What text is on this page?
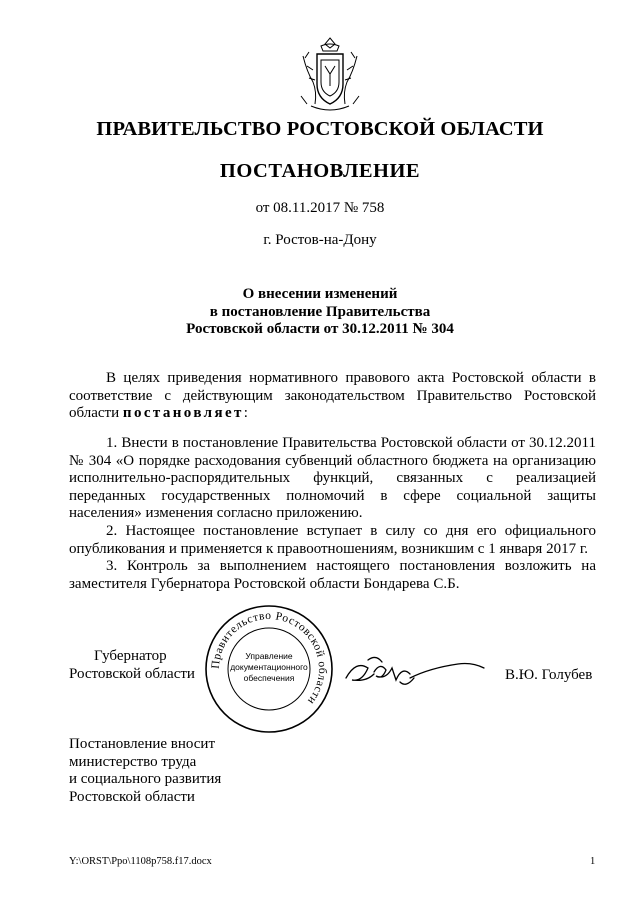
ПРАВИТЕЛЬСТВО РОСТОВСКОЙ ОБЛАСТИ
ПОСТАНОВЛЕНИЕ
от 08.11.2017 № 758
г. Ростов-на-Дону
О внесении изменений
в постановление Правительства
Ростовской области от 30.12.2011 № 304
В целях приведения нормативного правового акта Ростовской области в соответствие с действующим законодательством Правительство Ростовской области постановляет:
1. Внести в постановление Правительства Ростовской области от 30.12.2011 № 304 «О порядке расходования субвенций областного бюджета на организацию исполнительно-распорядительных функций, связанных с реализацией переданных государственных полномочий в сфере социальной защиты населения» изменения согласно приложению.
2. Настоящее постановление вступает в силу со дня его официального опубликования и применяется к правоотношениям, возникшим с 1 января 2017 г.
3. Контроль за выполнением настоящего постановления возложить на заместителя Губернатора Ростовской области Бондарева С.Б.
Губернатор
Ростовской области
Правительство Ростовской области
Управление
документационного
обеспечения	В.Ю. Голубев
Постановление вносит
министерство труда
и социального развития
Ростовской области
Y:\ORST\Ppo\1108p758.f17.docx	1
